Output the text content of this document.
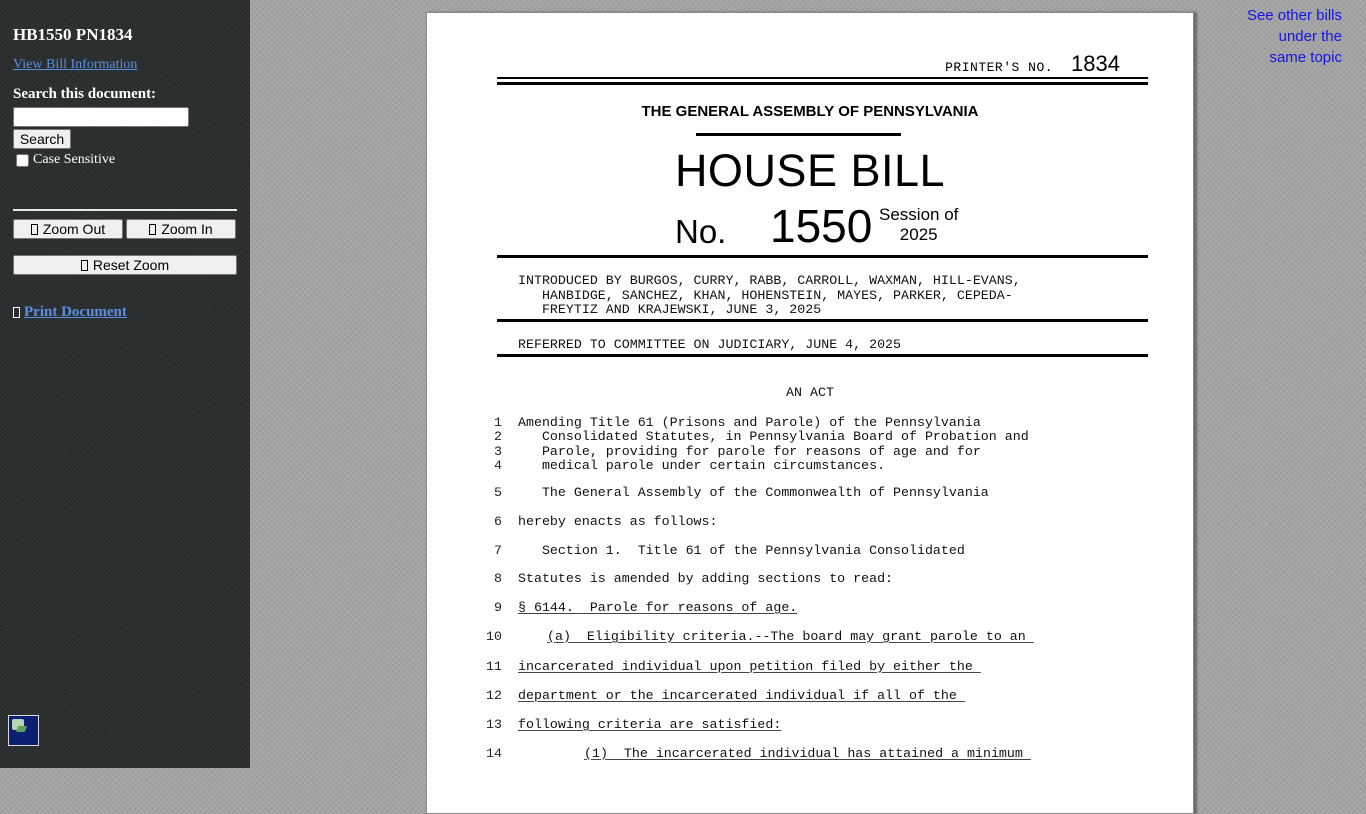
HB1550 PN1834
View Bill Information
Search this document:
Search
Case Sensitive
Zoom Out	Zoom In
Reset Zoom
Print Document
See other bills
under the
same topic
PRINTER'S NO. 1834
THE GENERAL ASSEMBLY OF PENNSYLVANIA
HOUSE BILL
No. 1550 Session of
2025
INTRODUCED BY BURGOS, CURRY, RABB, CARROLL, WAXMAN, HILL-EVANS,
HANBIDGE, SANCHEZ, KHAN, HOHENSTEIN, MAYES, PARKER, CEPEDA-
FREYTIZ AND KRAJEWSKI, JUNE 3, 2025
REFERRED TO COMMITTEE ON JUDICIARY, JUNE 4, 2025
AN ACT
1 Amending Title 61 (Prisons and Parole) of the Pennsylvania
2 Consolidated Statutes, in Pennsylvania Board of Probation and
3 Parole, providing for parole for reasons of age and for
4 medical parole under certain circumstances.
5 The General Assembly of the Commonwealth of Pennsylvania
6 hereby enacts as follows:
7 Section 1.  Title 61 of the Pennsylvania Consolidated
8 Statutes is amended by adding sections to read:
9 § 6144.  Parole for reasons of age.
10	(a)  Eligibility criteria.--The board may grant parole to an
11 incarcerated individual upon petition filed by either the
12 department or the incarcerated individual if all of the
13 following criteria are satisfied:
14	(1)  The incarcerated individual has attained a minimum
